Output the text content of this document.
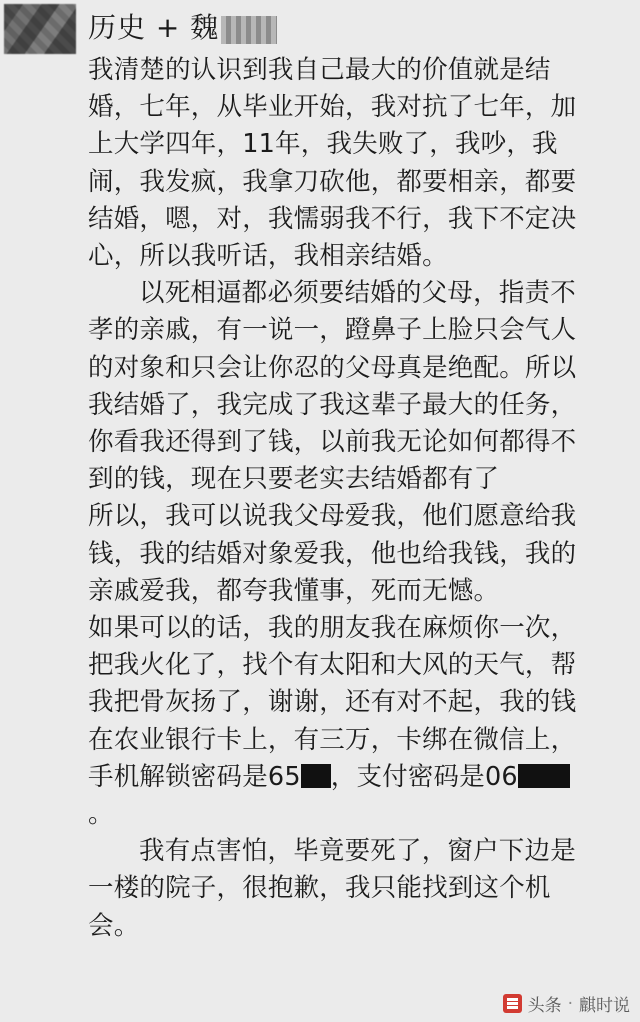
历史 + 魏

我清楚的认识到我自己最大的价值就是结婚，七年，从毕业开始，我对抗了七年，加上大学四年，11年，我失败了，我吵，我闹，我发疯，我拿刀砍他，都要相亲，都要结婚，嗯，对，我懦弱我不行，我下不定决心，所以我听话，我相亲结婚。

以死相逼都必须要结婚的父母，指责不孝的亲戚，有一说一，蹬鼻子上脸只会气人的对象和只会让你忍的父母真是绝配。所以我结婚了，我完成了我这辈子最大的任务，你看我还得到了钱，以前我无论如何都得不到的钱，现在只要老实去结婚都有了所以，我可以说我父母爱我，他们愿意给我钱，我的结婚对象爱我，他也给我钱，我的亲戚爱我，都夸我懂事，死而无憾。

如果可以的话，我的朋友我在麻烦你一次，把我火化了，找个有太阳和大风的天气，帮我把骨灰扬了，谢谢，还有对不起，我的钱在农业银行卡上，有三万，卡绑在微信上，手机解锁密码是65 ，支付密码是06。

我有点害怕，毕竟要死了，窗户下边是一楼的院子，很抱歉，我只能找到这个机会。

头条 · 麒时说
